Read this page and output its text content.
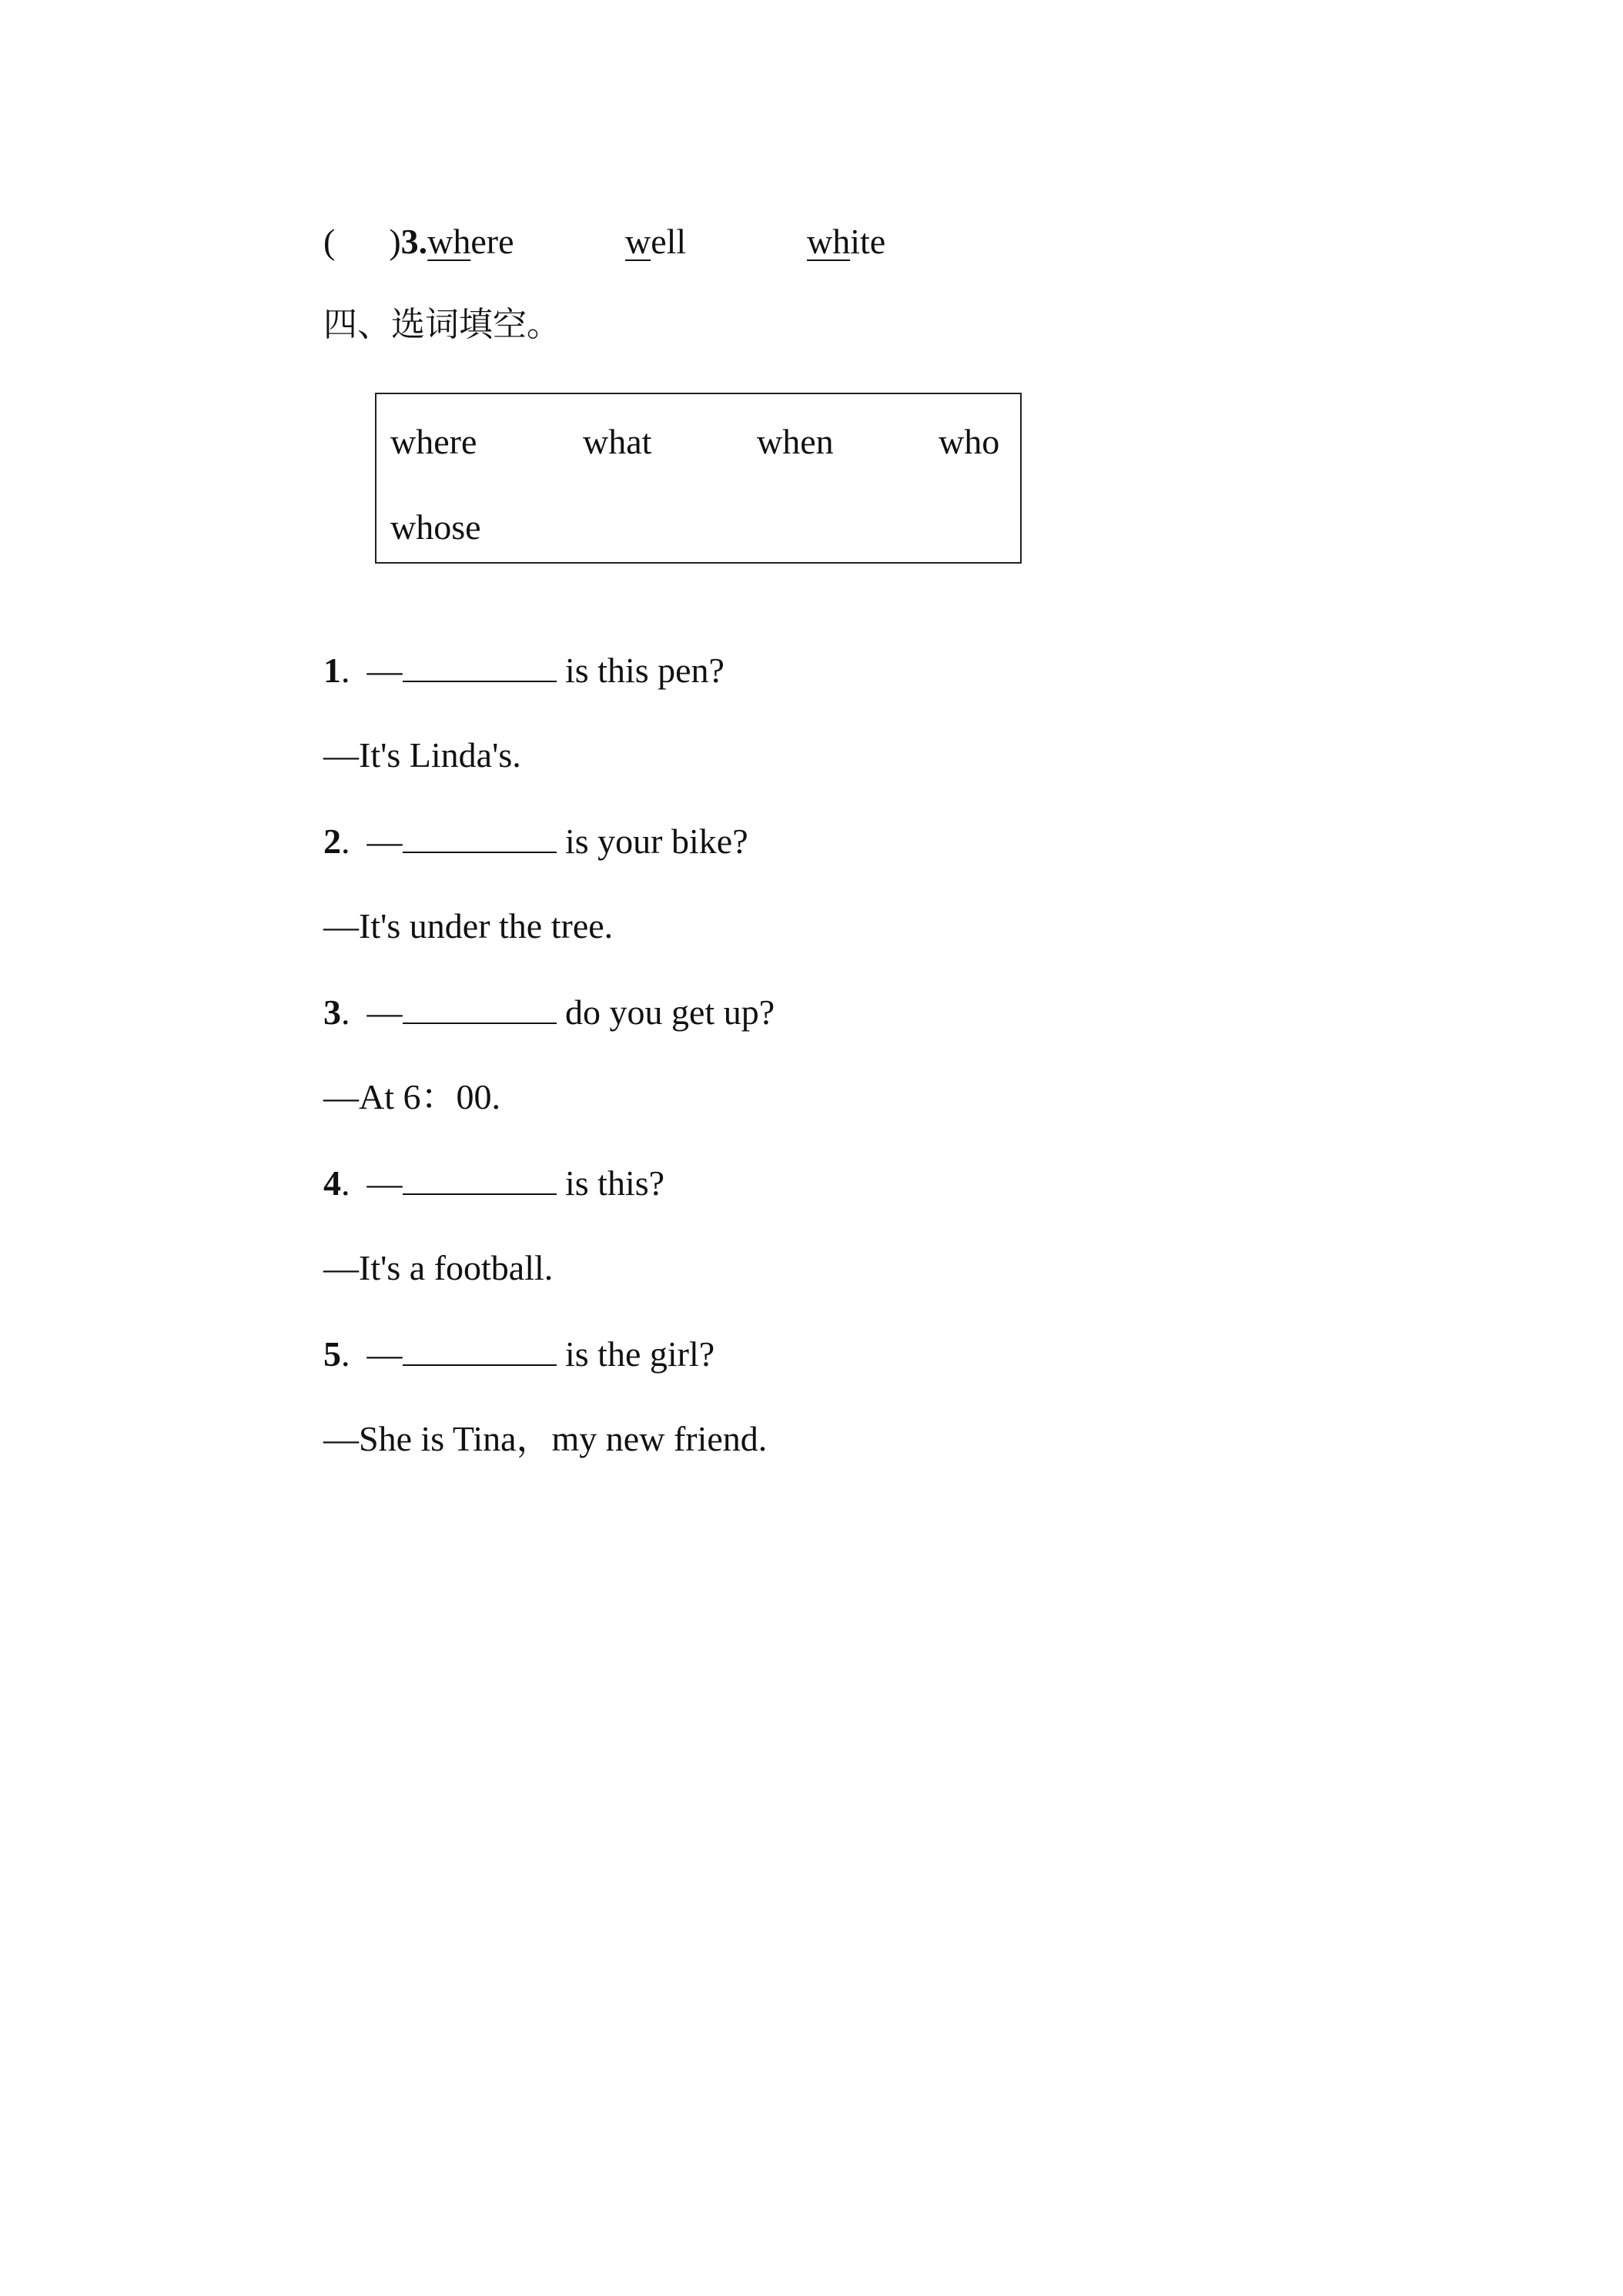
( )3.where	well	white
四、选词填空。
where	what	when	who
whose
1. —	is this pen?
—It's Linda's.
2. —	is your bike?
—It's under the tree.
3. —	do you get up?
—At 6：00.
4. —	is this?
—It's a football.
5. —	is the girl?
—She is Tina，my new friend.
